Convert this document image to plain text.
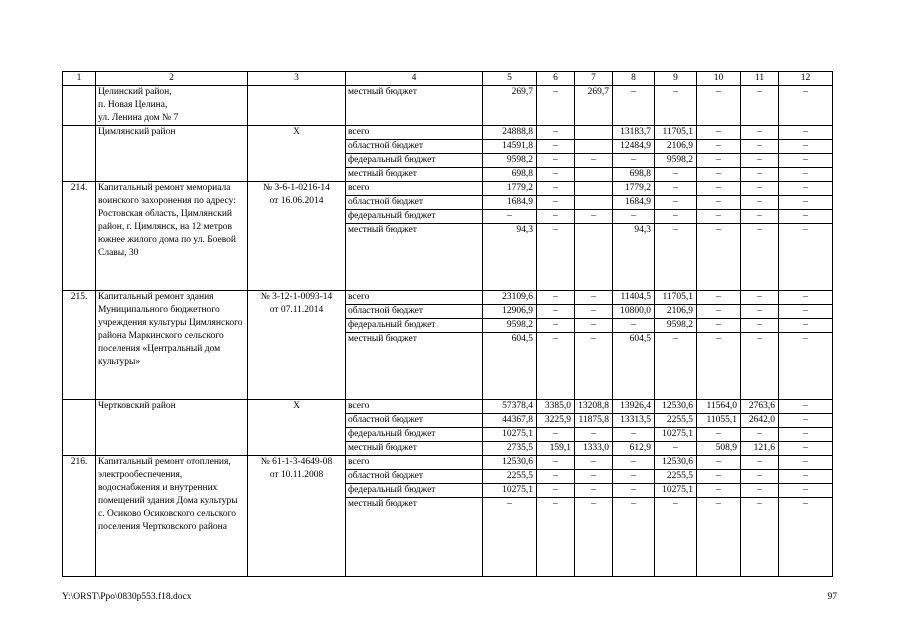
1	2	3	4	5	6	7	8	9	10	11	12
	Целинский район,
п. Новая Целина,
ул. Ленина дом № 7		местный бюджет	269,7	–	269,7	–	–	–	–	–
	Цимлянский район	Х	всего	24888,8	–		13183,7	11705,1	–	–	–
			областной бюджет	14591,8	–		12484,9	2106,9	–	–	–
			федеральный бюджет	9598,2	–	–	–	9598,2	–	–	–
			местный бюджет	698,8	–		698,8	–	–	–	–
214.	Капитальный ремонт мемориала воинского захоронения по адресу: Ростовская область, Цимлянский район, г. Цимлянск, на 12 метров южнее жилого дома по ул. Боевой Славы, 30	№ 3-6-1-0216-14
от 16.06.2014	всего	1779,2	–		1779,2	–	–	–	–
			областной бюджет	1684,9	–		1684,9	–	–	–	–
			федеральный бюджет	–	–	–	–	–	–	–	–
			местный бюджет	94,3	–		94,3	–	–	–	–
215.	Капитальный ремонт здания Муниципального бюджетного учреждения культуры Цимлянского района Маркинского сельского поселения «Центральный дом культуры»	№ 3-12-1-0093-14
от 07.11.2014	всего	23109,6	–	–	11404,5	11705,1	–	–	–
			областной бюджет	12906,9	–	–	10800,0	2106,9	–	–	–
			федеральный бюджет	9598,2	–	–	–	9598,2	–	–	–
			местный бюджет	604,5	–	–	604,5	–	–	–	–
	Чертковский район	Х	всего	57378,4	3385,0	13208,8	13926,4	12530,6	11564,0	2763,6	–
			областной бюджет	44367,8	3225,9	11875,8	13313,5	2255,5	11055,1	2642,0	–
			федеральный бюджет	10275,1	–	–	–	10275,1	–	–	–
			местный бюджет	2735,5	159,1	1333,0	612,9	–	508,9	121,6	–
216.	Капитальный ремонт отопления, электрообеспечения, водоснабжения и внутренних помещений здания Дома культуры с. Осиково Осиковского сельского поселения Чертковского района	№ 61-1-3-4649-08
от 10.11.2008	всего	12530,6	–	–	–	12530,6	–	–	–
			областной бюджет	2255,5	–	–	–	2255,5	–	–	–
			федеральный бюджет	10275,1	–	–	–	10275,1	–	–	–
			местный бюджет	–	–	–	–	–	–	–	–
Y:\ORST\Ppo\0830p553.f18.docx	97
